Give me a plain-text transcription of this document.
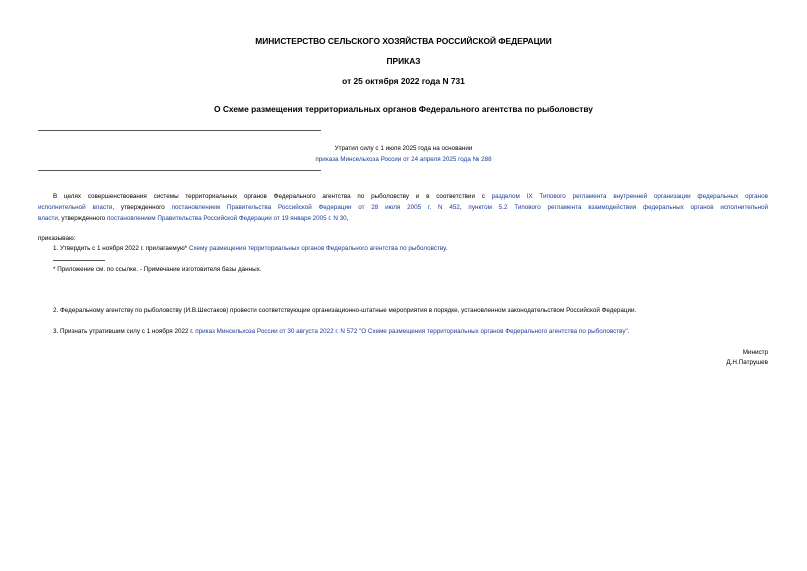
МИНИСТЕРСТВО СЕЛЬСКОГО ХОЗЯЙСТВА РОССИЙСКОЙ ФЕДЕРАЦИИ
ПРИКАЗ
от 25 октября 2022 года N 731
О Схеме размещения территориальных органов Федерального агентства по рыболовству
Утратил силу с 1 июля 2025 года на основании
приказа Минсельхоза России от 24 апреля 2025 года № 288
В целях совершенствования системы территориальных органов Федерального агентства по рыболовству и в соответствии с разделом IX Типового регламента внутренней организации федеральных органов
исполнительной власти, утвержденного постановлением Правительства Российской Федерации от 28 июля 2005 г. N 452, пунктом 5.2 Типового регламента взаимодействия федеральных органов исполнительной
власти, утвержденного постановлением Правительства Российской Федерации от 19 января 2005 г. N 30,
приказываю:
1. Утвердить с 1 ноября 2022 г. прилагаемую* Схему размещения территориальных органов Федерального агентства по рыболовству.
* Приложение см. по ссылке. - Примечание изготовителя базы данных.
2. Федеральному агентству по рыболовству (И.В.Шестаков) провести соответствующие организационно-штатные мероприятия в порядке, установленном законодательством Российской Федерации.
3. Признать утратившим силу с 1 ноября 2022 г. приказ Минсельхоза России от 30 августа 2022 г. N 572 "О Схеме размещения территориальных органов Федерального агентства по рыболовству".
Министр
Д.Н.Патрушев
